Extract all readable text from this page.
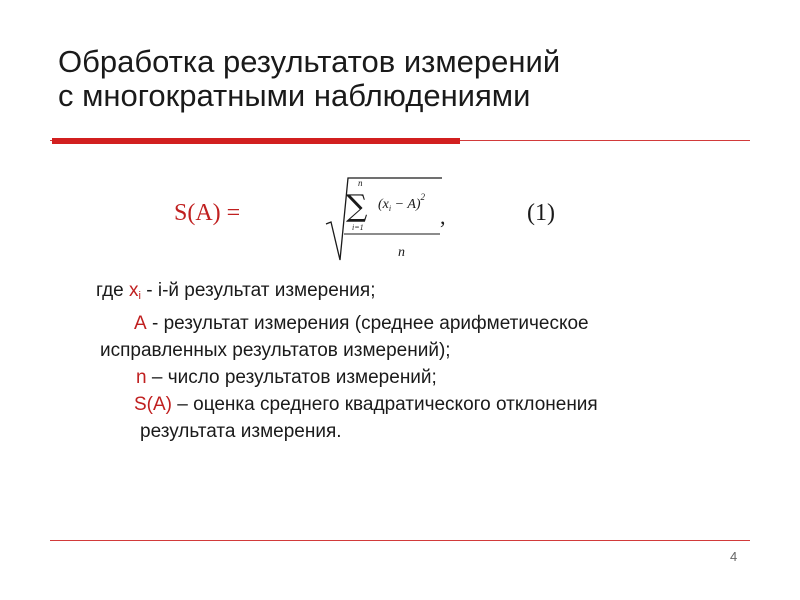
Обработка результатов измерений
с многократными наблюдениями
S(A) =
n
∑
i=1
$(x_i - A)^2$
n
,	(1)
где $x_i - i-й$ результат измерения;
А - результат измерения (среднее арифметическое
исправленных результатов измерений);
n – число результатов измерений;
S(A) – оценка среднего квадратического отклонения
результата измерения.
4
